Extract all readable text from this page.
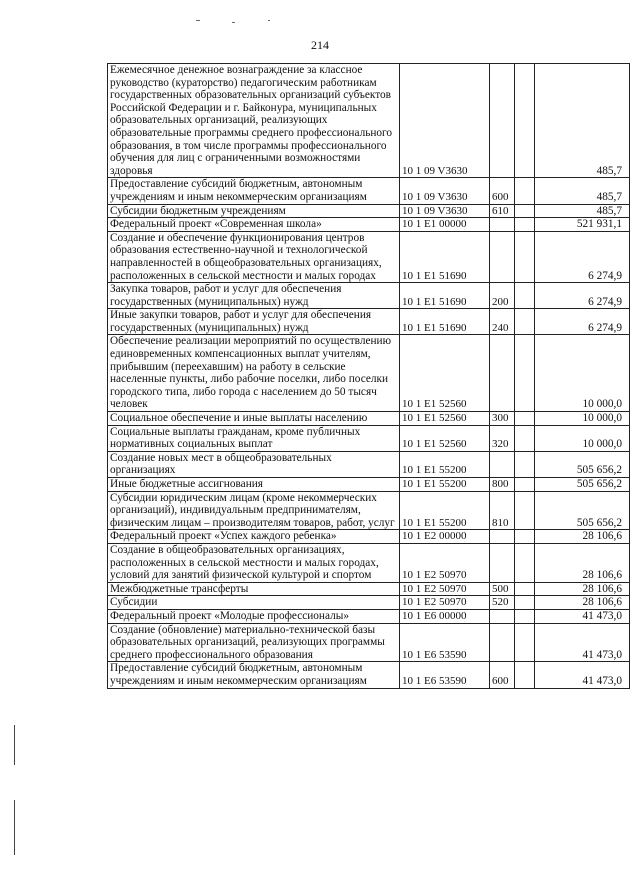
214
Ежемесячное денежное вознаграждение за классное руководство (кураторство) педагогическим работникам государственных образовательных организаций субъектов Российской Федерации и г. Байконура, муниципальных образовательных организаций, реализующих образовательные программы среднего профессионального образования, в том числе программы профессионального обучения для лиц с ограниченными возможностями здоровья	10 1 09 V3630			485,7
Предоставление субсидий бюджетным, автономным учреждениям и иным некоммерческим организациям	10 1 09 V3630	600		485,7
Субсидии бюджетным учреждениям	10 1 09 V3630	610		485,7
Федеральный проект «Современная школа»	10 1 E1 00000			521 931,1
Создание и обеспечение функционирования центров образования естественно-научной и технологической направленностей в общеобразовательных организациях, расположенных в сельской местности и малых городах	10 1 E1 51690			6 274,9
Закупка товаров, работ и услуг для обеспечения государственных (муниципальных) нужд	10 1 E1 51690	200		6 274,9
Иные закупки товаров, работ и услуг для обеспечения государственных (муниципальных) нужд	10 1 E1 51690	240		6 274,9
Обеспечение реализации мероприятий по осуществлению единовременных компенсационных выплат учителям, прибывшим (переехавшим) на работу в сельские населенные пункты, либо рабочие поселки, либо поселки городского типа, либо города с населением до 50 тысяч человек	10 1 E1 52560			10 000,0
Социальное обеспечение и иные выплаты населению	10 1 E1 52560	300		10 000,0
Социальные выплаты гражданам, кроме публичных нормативных социальных выплат	10 1 E1 52560	320		10 000,0
Создание новых мест в общеобразовательных организациях	10 1 E1 55200			505 656,2
Иные бюджетные ассигнования	10 1 E1 55200	800		505 656,2
Субсидии юридическим лицам (кроме некоммерческих организаций), индивидуальным предпринимателям, физическим лицам – производителям товаров, работ, услуг	10 1 E1 55200	810		505 656,2
Федеральный проект «Успех каждого ребенка»	10 1 E2 00000			28 106,6
Создание в общеобразовательных организациях, расположенных в сельской местности и малых городах, условий для занятий физической культурой и спортом	10 1 E2 50970			28 106,6
Межбюджетные трансферты	10 1 E2 50970	500		28 106,6
Субсидии	10 1 E2 50970	520		28 106,6
Федеральный проект «Молодые профессионалы»	10 1 E6 00000			41 473,0
Создание (обновление) материально-технической базы образовательных организаций, реализующих программы среднего профессионального образования	10 1 E6 53590			41 473,0
Предоставление субсидий бюджетным, автономным учреждениям и иным некоммерческим организациям	10 1 E6 53590	600		41 473,0
